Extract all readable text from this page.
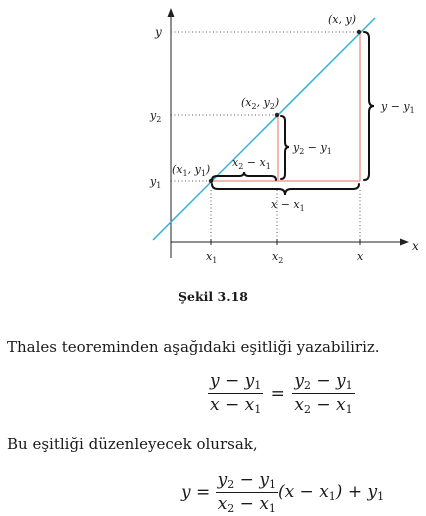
y
x
$y_2$
$y_1$
$x_1$	$x_2$	x
(x, y)
($x_2$, $y_2$)
($x_1$, $y_1$)
$y - y_1$
$y_2 - y_1$
$x_2 - x_1$
$x - x_1$
Şekil 3.18
Thales teoreminden aşağıdaki eşitliği yazabiliriz.
$\frac{y - y_1}{x - x_1} = \frac{y_2 - y_1}{x_2 - x_1}$
Bu eşitliği düzenleyecek olursak,
$y = \frac{y_2 - y_1}{x_2 - x_1} (x - x_1) + y_1$
